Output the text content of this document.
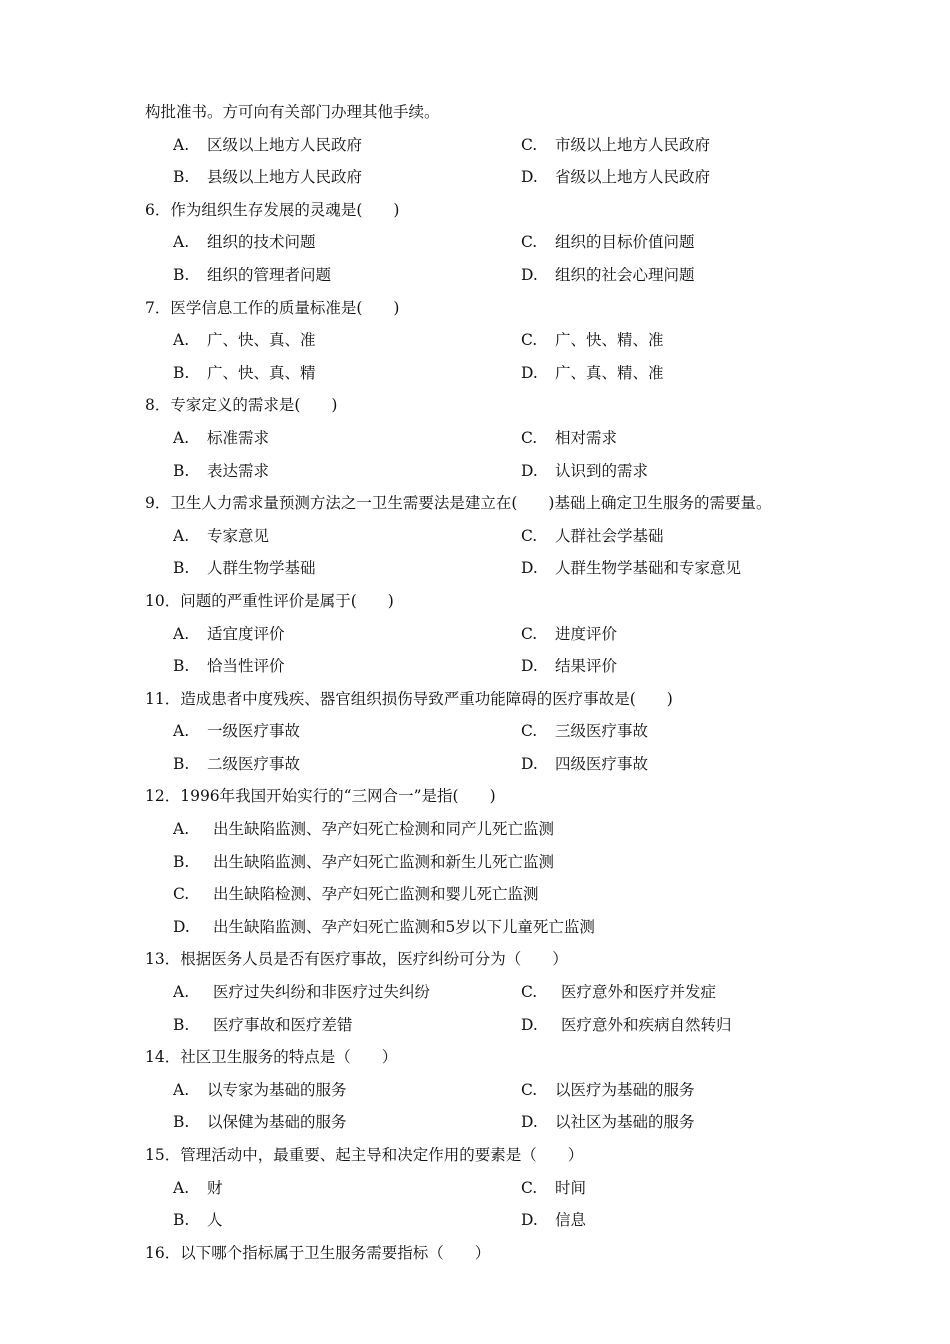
构批准书。方可向有关部门办理其他手续。
A. 区级以上地方人民政府	C. 市级以上地方人民政府
B. 县级以上地方人民政府	D. 省级以上地方人民政府
6．作为组织生存发展的灵魂是(　　)
A. 组织的技术问题	C. 组织的目标价值问题
B. 组织的管理者问题	D. 组织的社会心理问题
7．医学信息工作的质量标准是(　　)
A. 广、快、真、准	C. 广、快、精、准
B. 广、快、真、精	D. 广、真、精、准
8．专家定义的需求是(　　)
A. 标准需求	C. 相对需求
B. 表达需求	D. 认识到的需求
9．卫生人力需求量预测方法之一卫生需要法是建立在(　　)基础上确定卫生服务的需要量。
A. 专家意见	C. 人群社会学基础
B. 人群生物学基础	D. 人群生物学基础和专家意见
10．问题的严重性评价是属于(　　)
A. 适宜度评价	C. 进度评价
B. 恰当性评价	D. 结果评价
11．造成患者中度残疾、器官组织损伤导致严重功能障碍的医疗事故是(　　)
A. 一级医疗事故	C. 三级医疗事故
B. 二级医疗事故	D. 四级医疗事故
12．1996年我国开始实行的“三网合一”是指(　　)
A. 出生缺陷监测、孕产妇死亡检测和同产儿死亡监测
B. 出生缺陷监测、孕产妇死亡监测和新生儿死亡监测
C. 出生缺陷检测、孕产妇死亡监测和婴儿死亡监测
D. 出生缺陷监测、孕产妇死亡监测和5岁以下儿童死亡监测
13．根据医务人员是否有医疗事故，医疗纠纷可分为（　　）
A. 医疗过失纠纷和非医疗过失纠纷	C. 医疗意外和医疗并发症
B. 医疗事故和医疗差错	D. 医疗意外和疾病自然转归
14．社区卫生服务的特点是（　　）
A. 以专家为基础的服务	C. 以医疗为基础的服务
B. 以保健为基础的服务	D. 以社区为基础的服务
15．管理活动中，最重要、起主导和决定作用的要素是（　　）
A. 财	C. 时间
B. 人	D. 信息
16．以下哪个指标属于卫生服务需要指标（　　）
